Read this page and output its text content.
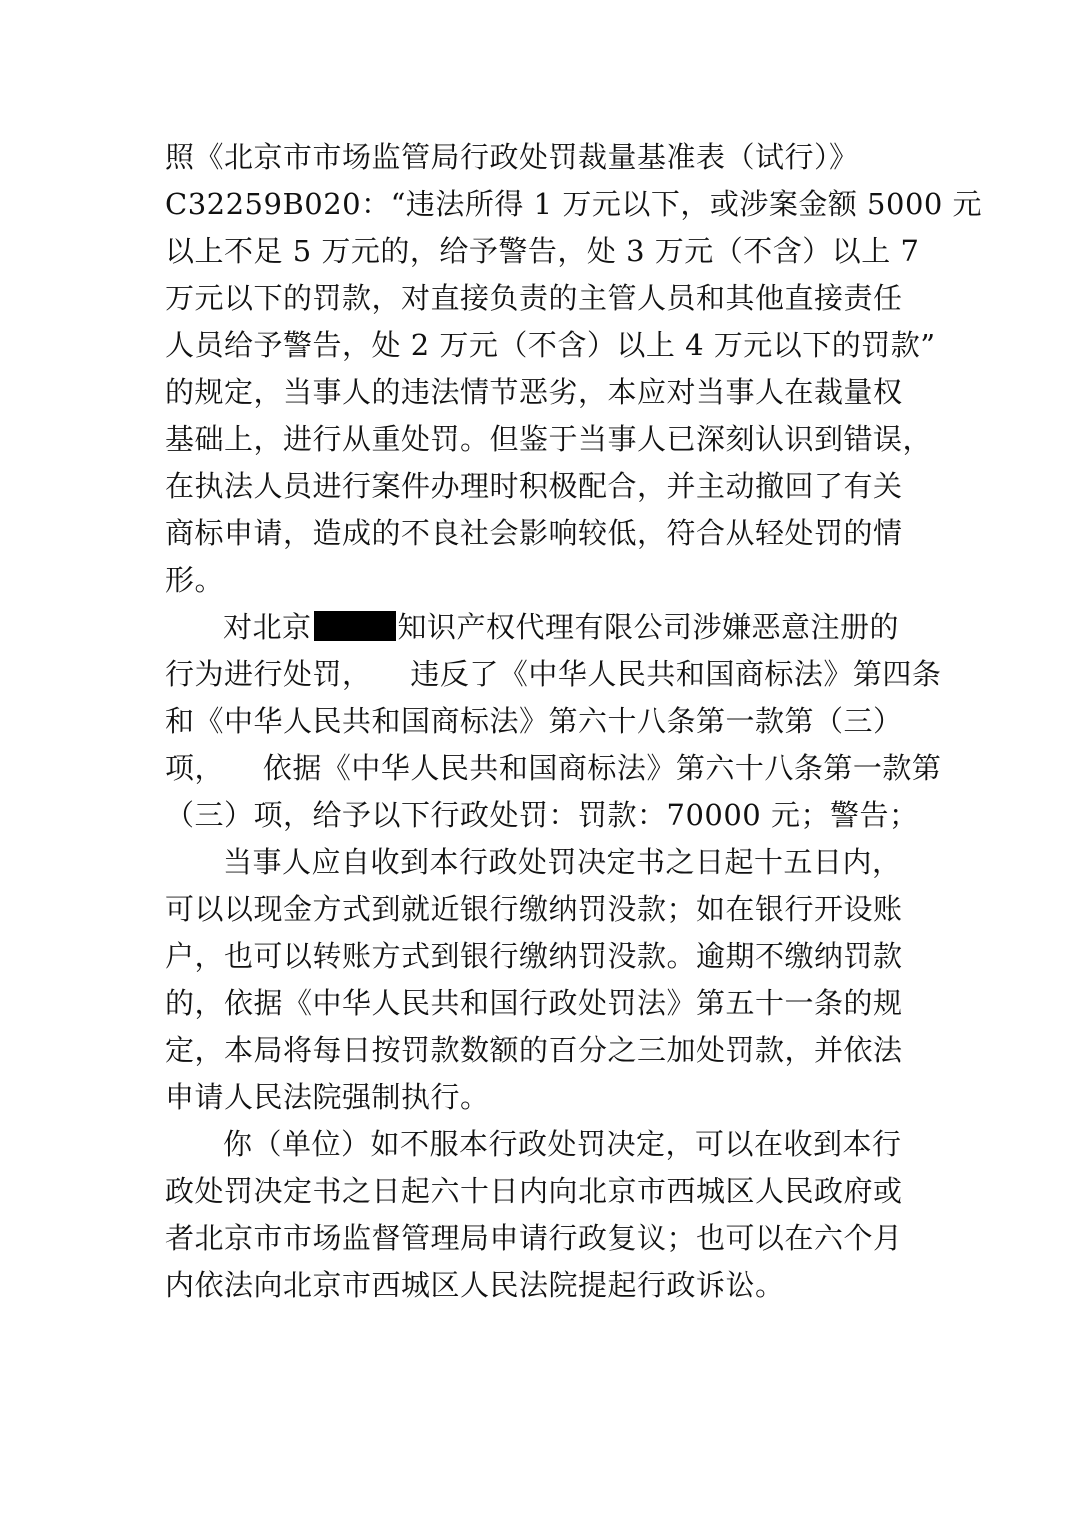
照《北京市市场监管局行政处罚裁量基准表（试行）》
C32259B020：“违法所得 1 万元以下，或涉案金额 5000 元
以上不足 5 万元的，给予警告，处 3 万元（不含）以上 7
万元以下的罚款，对直接负责的主管人员和其他直接责任
人员给予警告，处 2 万元（不含）以上 4 万元以下的罚款”
的规定，当事人的违法情节恶劣，本应对当事人在裁量权
基础上，进行从重处罚。但鉴于当事人已深刻认识到错误，
在执法人员进行案件办理时积极配合，并主动撤回了有关
商标申请，造成的不良社会影响较低，符合从轻处罚的情
形。
对北京	知识产权代理有限公司涉嫌恶意注册的
行为进行处罚，    违反了《中华人民共和国商标法》第四条
和《中华人民共和国商标法》第六十八条第一款第（三）
项，    依据《中华人民共和国商标法》第六十八条第一款第
（三）项，给予以下行政处罚：罚款：70000 元；警告；
当事人应自收到本行政处罚决定书之日起十五日内，
可以以现金方式到就近银行缴纳罚没款；如在银行开设账
户，也可以转账方式到银行缴纳罚没款。逾期不缴纳罚款
的，依据《中华人民共和国行政处罚法》第五十一条的规
定，本局将每日按罚款数额的百分之三加处罚款，并依法
申请人民法院强制执行。
你（单位）如不服本行政处罚决定，可以在收到本行
政处罚决定书之日起六十日内向北京市西城区人民政府或
者北京市市场监督管理局申请行政复议；也可以在六个月
内依法向北京市西城区人民法院提起行政诉讼。
